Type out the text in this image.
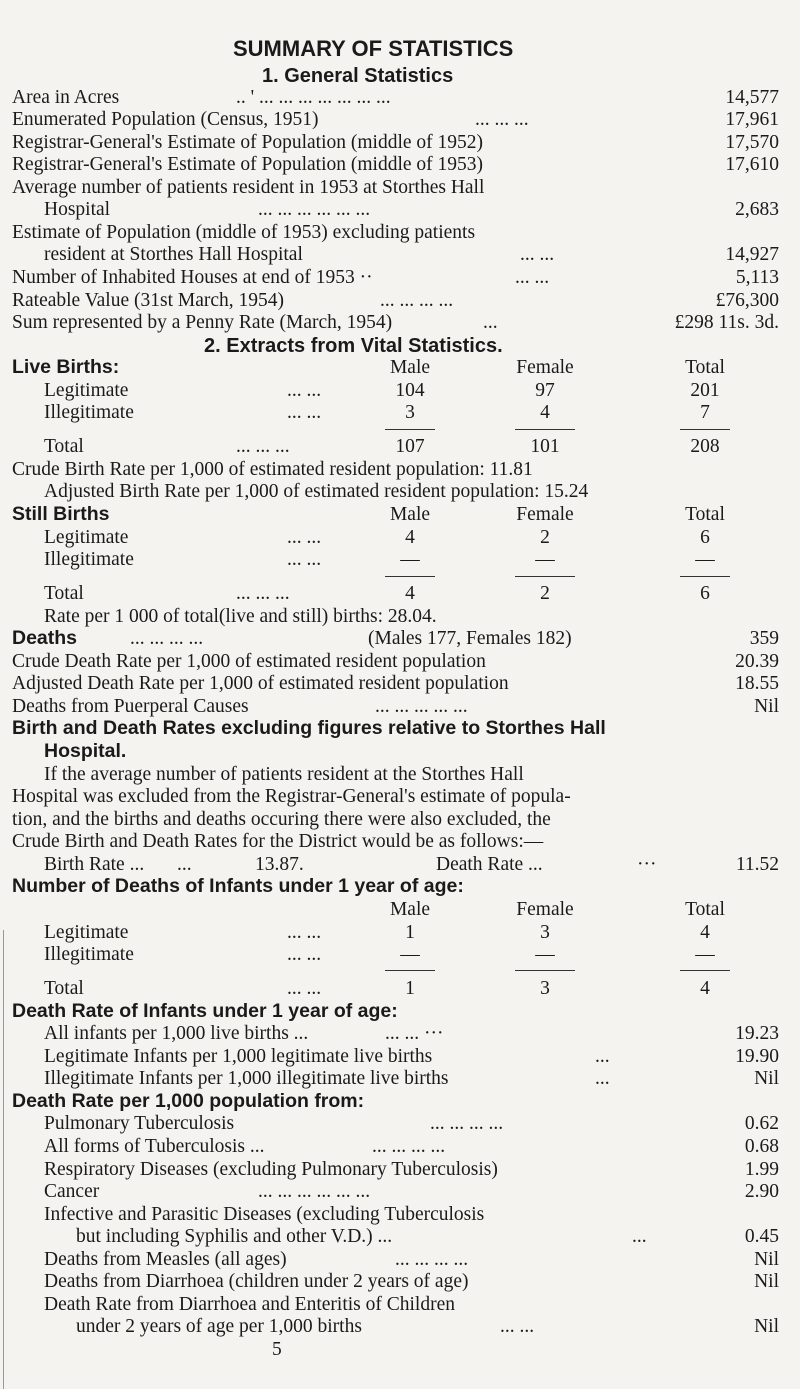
SUMMARY OF STATISTICS
1. General Statistics
Area in Acres	.. ' ... ... ... ... ... ... ...	14,577
Enumerated Population (Census, 1951)	... ... ...	17,961
Registrar-General's Estimate of Population (middle of 1952)	17,570
Registrar-General's Estimate of Population (middle of 1953)	17,610
Average number of patients resident in 1953 at Storthes Hall
Hospital	... ... ... ... ... ...	2,683
Estimate of Population (middle of 1953) excluding patients
resident at Storthes Hall Hospital	... ...	14,927
Number of Inhabited Houses at end of 1953 ··	... ...	5,113
Rateable Value (31st March, 1954)	... ... ... ...	£76,300
Sum represented by a Penny Rate (March, 1954)	...	£298 11s. 3d.
2. Extracts from Vital Statistics.
Live Births:	Male	Female	Total
Legitimate	... ...	104	97	201
Illegitimate	... ...	3	4	7
Total	... ... ...	107	101	208
Crude Birth Rate per 1,000 of estimated resident population: 11.81
Adjusted Birth Rate per 1,000 of estimated resident population: 15.24
Still Births	Male	Female	Total
Legitimate	... ...	4	2	6
Illegitimate	... ...	—	—	—
Total	... ... ...	4	2	6
Rate per 1 000 of total(live and still) births: 28.04.
Deaths	... ... ... ...	(Males 177, Females 182)	359
Crude Death Rate per 1,000 of estimated resident population	20.39
Adjusted Death Rate per 1,000 of estimated resident population	18.55
Deaths from Puerperal Causes	... ... ... ... ...	Nil
Birth and Death Rates excluding figures relative to Storthes Hall
Hospital.
If the average number of patients resident at the Storthes Hall
Hospital was excluded from the Registrar-General's estimate of popula-
tion, and the births and deaths occuring there were also excluded, the
Crude Birth and Death Rates for the District would be as follows:—
Birth Rate ... ...	13.87.	Death Rate ...	···	11.52
Number of Deaths of Infants under 1 year of age:
Male	Female	Total
Legitimate	... ...	1	3	4
Illegitimate	... ...	—	—	—
Total	... ...	1	3	4
Death Rate of Infants under 1 year of age:
All infants per 1,000 live births ...	... ... ···	19.23
Legitimate Infants per 1,000 legitimate live births	...	19.90
Illegitimate Infants per 1,000 illegitimate live births	...	Nil
Death Rate per 1,000 population from:
Pulmonary Tuberculosis	... ... ... ...	0.62
All forms of Tuberculosis ...	... ... ... ...	0.68
Respiratory Diseases (excluding Pulmonary Tuberculosis)	1.99
Cancer	... ... ... ... ... ...	2.90
Infective and Parasitic Diseases (excluding Tuberculosis
but including Syphilis and other V.D.) ...	...	0.45
Deaths from Measles (all ages)	... ... ... ...	Nil
Deaths from Diarrhoea (children under 2 years of age)	Nil
Death Rate from Diarrhoea and Enteritis of Children
under 2 years of age per 1,000 births	... ...	Nil
5
